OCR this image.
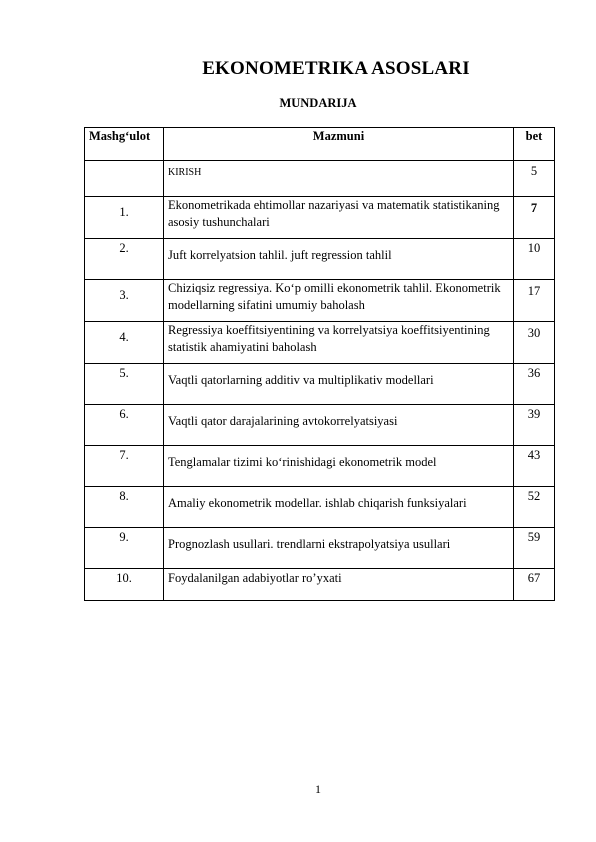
EKONOMETRIKA ASOSLARI
MUNDARIJA
Mashg‘ulot	Mazmuni	bet
	KIRISH	5
1.	Ekonometrikada ehtimollar nazariyasi va matematik statistikaning asosiy tushunchalari	7
2.	Juft korrelyatsion tahlil. juft regression tahlil	10
3.	Chiziqsiz regressiya. Ko‘p omilli ekonometrik tahlil. Ekonometrik modellarning sifatini umumiy baholash	17
4.	Regressiya koeffitsiyentining va korrelyatsiya koeffitsiyentining statistik ahamiyatini baholash	30
5.	Vaqtli qatorlarning additiv va multiplikativ modellari	36
6.	Vaqtli qator darajalarining avtokorrelyatsiyasi	39
7.	Tenglamalar tizimi ko‘rinishidagi ekonometrik model	43
8.	Amaliy ekonometrik modellar. ishlab chiqarish funksiyalari	52
9.	Prognozlash usullari. trendlarni ekstrapolyatsiya usullari	59
10.	Foydalanilgan adabiyotlar ro’yxati	67
1
